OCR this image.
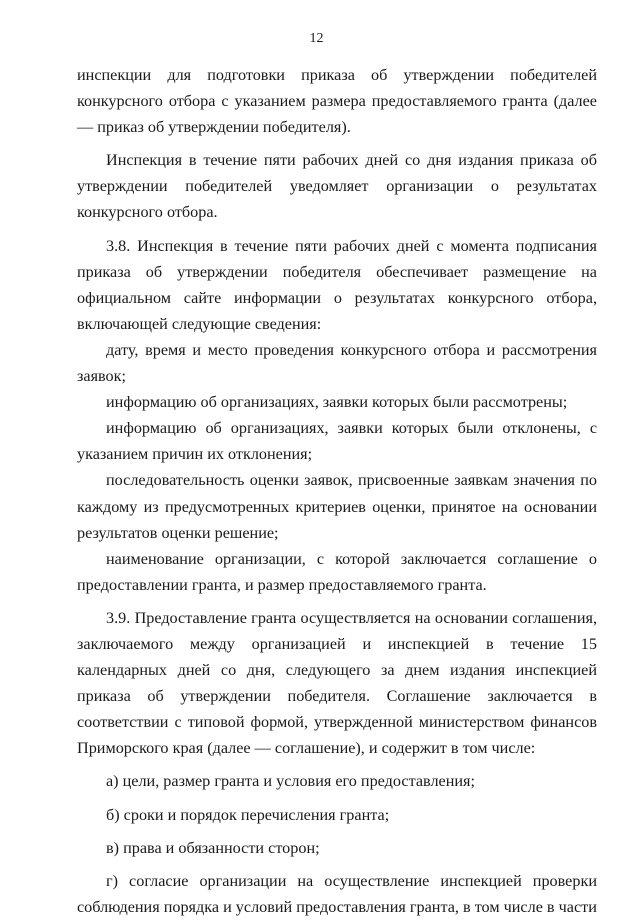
12

инспекции для подготовки приказа об утверждении победителей конкурсного отбора с указанием размера предоставляемого гранта (далее — приказ об утверждении победителя).

Инспекция в течение пяти рабочих дней со дня издания приказа об утверждении победителей уведомляет организации о результатах конкурсного отбора.

3.8. Инспекция в течение пяти рабочих дней с момента подписания приказа об утверждении победителя обеспечивает размещение на официальном сайте информации о результатах конкурсного отбора, включающей следующие сведения:

дату, время и место проведения конкурсного отбора и рассмотрения заявок;

информацию об организациях, заявки которых были рассмотрены;

информацию об организациях, заявки которых были отклонены, с указанием причин их отклонения;

последовательность оценки заявок, присвоенные заявкам значения по каждому из предусмотренных критериев оценки, принятое на основании результатов оценки решение;

наименование организации, с которой заключается соглашение о предоставлении гранта, и размер предоставляемого гранта.

3.9. Предоставление гранта осуществляется на основании соглашения, заключаемого между организацией и инспекцией в течение 15 календарных дней со дня, следующего за днем издания инспекцией приказа об утверждении победителя. Соглашение заключается в соответствии с типовой формой, утвержденной министерством финансов Приморского края (далее — соглашение), и содержит в том числе:

а) цели, размер гранта и условия его предоставления;

б) сроки и порядок перечисления гранта;

в) права и обязанности сторон;

г) согласие организации на осуществление инспекцией проверки соблюдения порядка и условий предоставления гранта, в том числе в части
